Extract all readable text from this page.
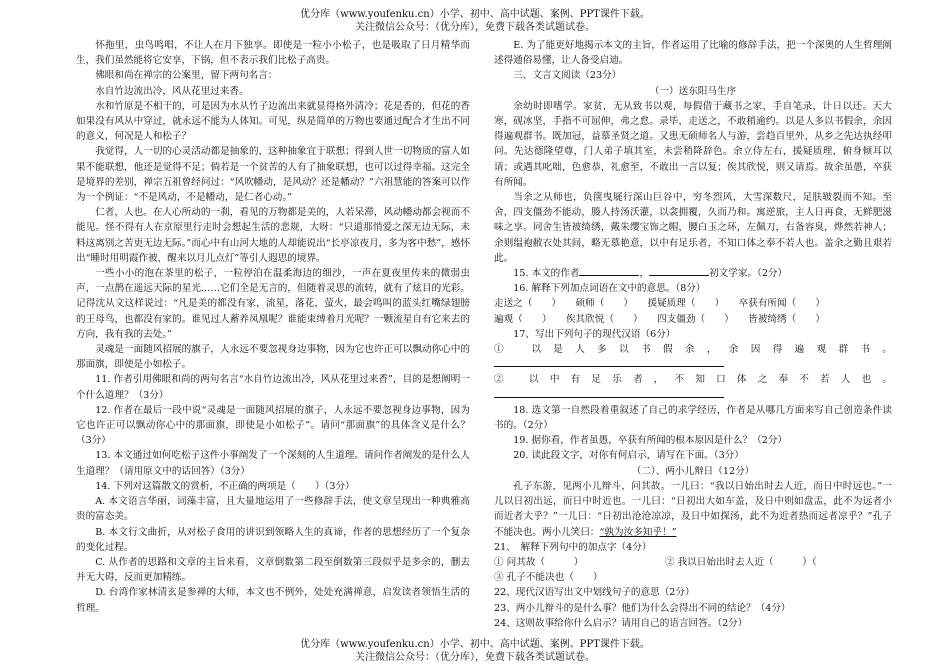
优分库（www.youfenku.cn）小学、初中、高中试题、案例、PPT课件下载。
关注微信公众号：（优分库），免费下载各类试题试卷。

怀拖里，虫鸟鸣唱，不让人在月下独享。即使是一粒小小松子，也是吸取了日月精华而生，我们虽然能将它安享，下锅，但不表示我们比松子高贵。

佛眼和尚在禅宗的公案里，留下两句名言：

水自竹边流出冷，风从花里过来香。

水和竹原是不相干的，可是因为水从竹子边流出来就显得格外清冷；花是香的，但花的香如果没有风从中穿过，就永远不能为人体知。可见，纵是简单的万物也要通过配合才生出不同的意义，何况是人和松子？

我觉得，人一切的心灵活动都是抽象的，这种抽象宜于联想；得到人世一切物质的富人如果不能联想，他还是觉得不足；倘若是一个贫苦的人有了抽象联想，也可以过得幸福。这完全是境界的差别，禅宗五祖曾经问过：“风吹幡动，是风动？还是幡动？”六祖慧能的答案可以作为一个例证：“不是风动，不是幡动，是仁者心动。”

仁者，人也。在人心所动的一刹，看见的万物都是美的，人若呆滞，风动幡动都会视而不能见。怪不得有人在京原里行走时会想起生活的悲规，大呀：“只道那悄爱之深无边无际，未料这离别之苦更无边无际。”而心中有山河大地的人却能说出“长亭凉夜月，多为客中愁”，感怀出“睡时用明霞作被，醒来以月儿点灯”等引人遐思的境界。

一些小小的泡在茶里的松子，一粒停泊在温柔海边的细沙，一声在夏夜里传来的微弱虫声，一点鹊在遥远天际的星光……它们全是无言的，但随着灵思的流转，就有了炫目的光彩。记得沈从文这样说过：“凡是美的都没有家，流星，落花，萤火，最会鸣叫的蓝头红嘴绿翅膀的王母鸟，也都没有家的。谁见过人蓄养凤凰呢？谁能束缚着月光呢？一颗流星自有它来去的方向，我有我的去处。”

灵魂是一面随风招展的旗子，人永远不要忽视身边事物，因为它也许正可以飘动你心中的那面旗，即使是小如松子。

11. 作者引用佛眼和尚的两句名言“水自竹边流出冷，风从花里过来香”，目的是想阐明一个什么道理？（3分）

12. 作者在最后一段中说“灵魂是一面随风招展的旗子，人永远不要忽视身边事物，因为它也许正可以飘动你心中的那面旗，即使是小如松子”。请问“那面旗”的具体含义是什么？（3分）

13. 本文通过如何吃松子这件小事阐发了一个深刻的人生道理。请问作者阐发的是什么人生道理？（请用原文中的话回答）（3分）

14. 下列对这篇散文的赏析，不正确的两项是（　　）（3分）

A. 本文语言华丽，词藻丰富，且大量地运用了一些修辞手法，使文章呈现出一种典雅高贵的富态美。

B. 本文行文曲折，从对松子食用的讲识到领略人生的真谛，作者的思想经历了一个复杂的变化过程。

C. 从作者的思路和文章的主旨来看，文章倒数第二段至倒数第三段似乎是多余的，删去并无大碍，反而更加精练。

D. 台湾作家林清玄是参禅的大师，本文也不例外，处处充满禅意，启发读者领悟生活的哲理。

E. 为了能更好地揭示本文的主旨，作者运用了比喻的修辞手法，把一个深奥的人生哲理阐述得通俗易懂，让人备受启迪。

三、文言文阅读（23分）

（一）送东阳马生序

余幼时即嗜学。家贫，无从致书以观，每假借于藏书之家，手自笔录，计日以还。天大寒，砚冰坚，手指不可屈伸，弗之怠。录毕，走送之，不敢稍逾约。以是人多以书假余，余因得遍观群书。既加冠，益慕圣贤之道。又患无硕师名人与游，尝趋百里外，从乡之先达执经叩问。先达德隆望尊，门人弟子填其室，未尝稍降辞色。余立侍左右，援疑质理，俯身倾耳以请；或遇其叱咄，色愈恭，礼愈至，不敢出一言以复；俟其欣悦，则又请焉。故余虽愚，卒获有所闻。

当余之从师也，负箧曳屣行深山巨谷中，穷冬烈风，大雪深数尺，足肤皲裂而不知。至舍，四支僵劲不能动，媵人持汤沃灌，以衾拥覆，久而乃和。寓逆旅，主人日再食，无鲜肥滋味之享。同舍生皆被绮绣，戴朱缨宝饰之帽，腰白玉之环，左佩刀，右备容臭，烨然若神人；余则缊袍敝衣处其间，略无慕艳意，以中有足乐者，不知口体之奉不若人也。盖余之勤且艰若此。

15. 本文的作者	，	初文学家。（2分）

16. 解释下列加点词语在文中的意思。（8分）

走送之（　　）　　硕师（　　）　　援疑质理（　　）　　卒获有所闻（　　）

遍观（　　）　　俟其欣悦（　　）　　四支僵劲（　　）　　皆被绮绣（　　）

17、写出下列句子的现代汉语（6分）

① 以是人多以书假余，余因得遍观群书。

② 以中有足乐者，不知口体之奉不若人也。

18. 选文第一自然段着重叙述了自己的求学经历，作者是从哪几方面来写自己创造条件读书的。（2分）

19. 据你看，作者虽愚，卒获有所闻的根本原因是什么？（2分）

20. 读此段文字，对你有何启示，请写在下面。（3分）

（二）、两小儿辩日（12分）

孔子东游，见两小儿辩斗，问其故。一儿曰：“我以日始出时去人近，而日中时远也。”一儿以日初出远，而日中时近也。一儿曰：“日初出大如车盖，及日中则如盘盂，此不为远者小而近者大乎？”一儿曰：“日初出沧沧凉凉，及日中如探汤，此不为近者热而远者凉乎？”孔子不能决也。两小儿笑曰：“孰为汝多知乎！”

21、　解释下列句中的加点字（4分）

① 问其故（　　　）　　　　　　　　　	② 我以日始出时去人近（　　　）（

③ 孔子不能决也（　　）

22、现代汉语写出文中划线句子的意思（2分）

23、两小儿辩斗的是什么事？他们为什么会得出不同的结论？（4分）

24、这则故事给你什么启示？请用自己的语言回答。（2分）

优分库（www.youfenku.cn）小学、初中、高中试题、案例、PPT课件下载。
关注微信公众号：（优分库），免费下载各类试题试卷。
